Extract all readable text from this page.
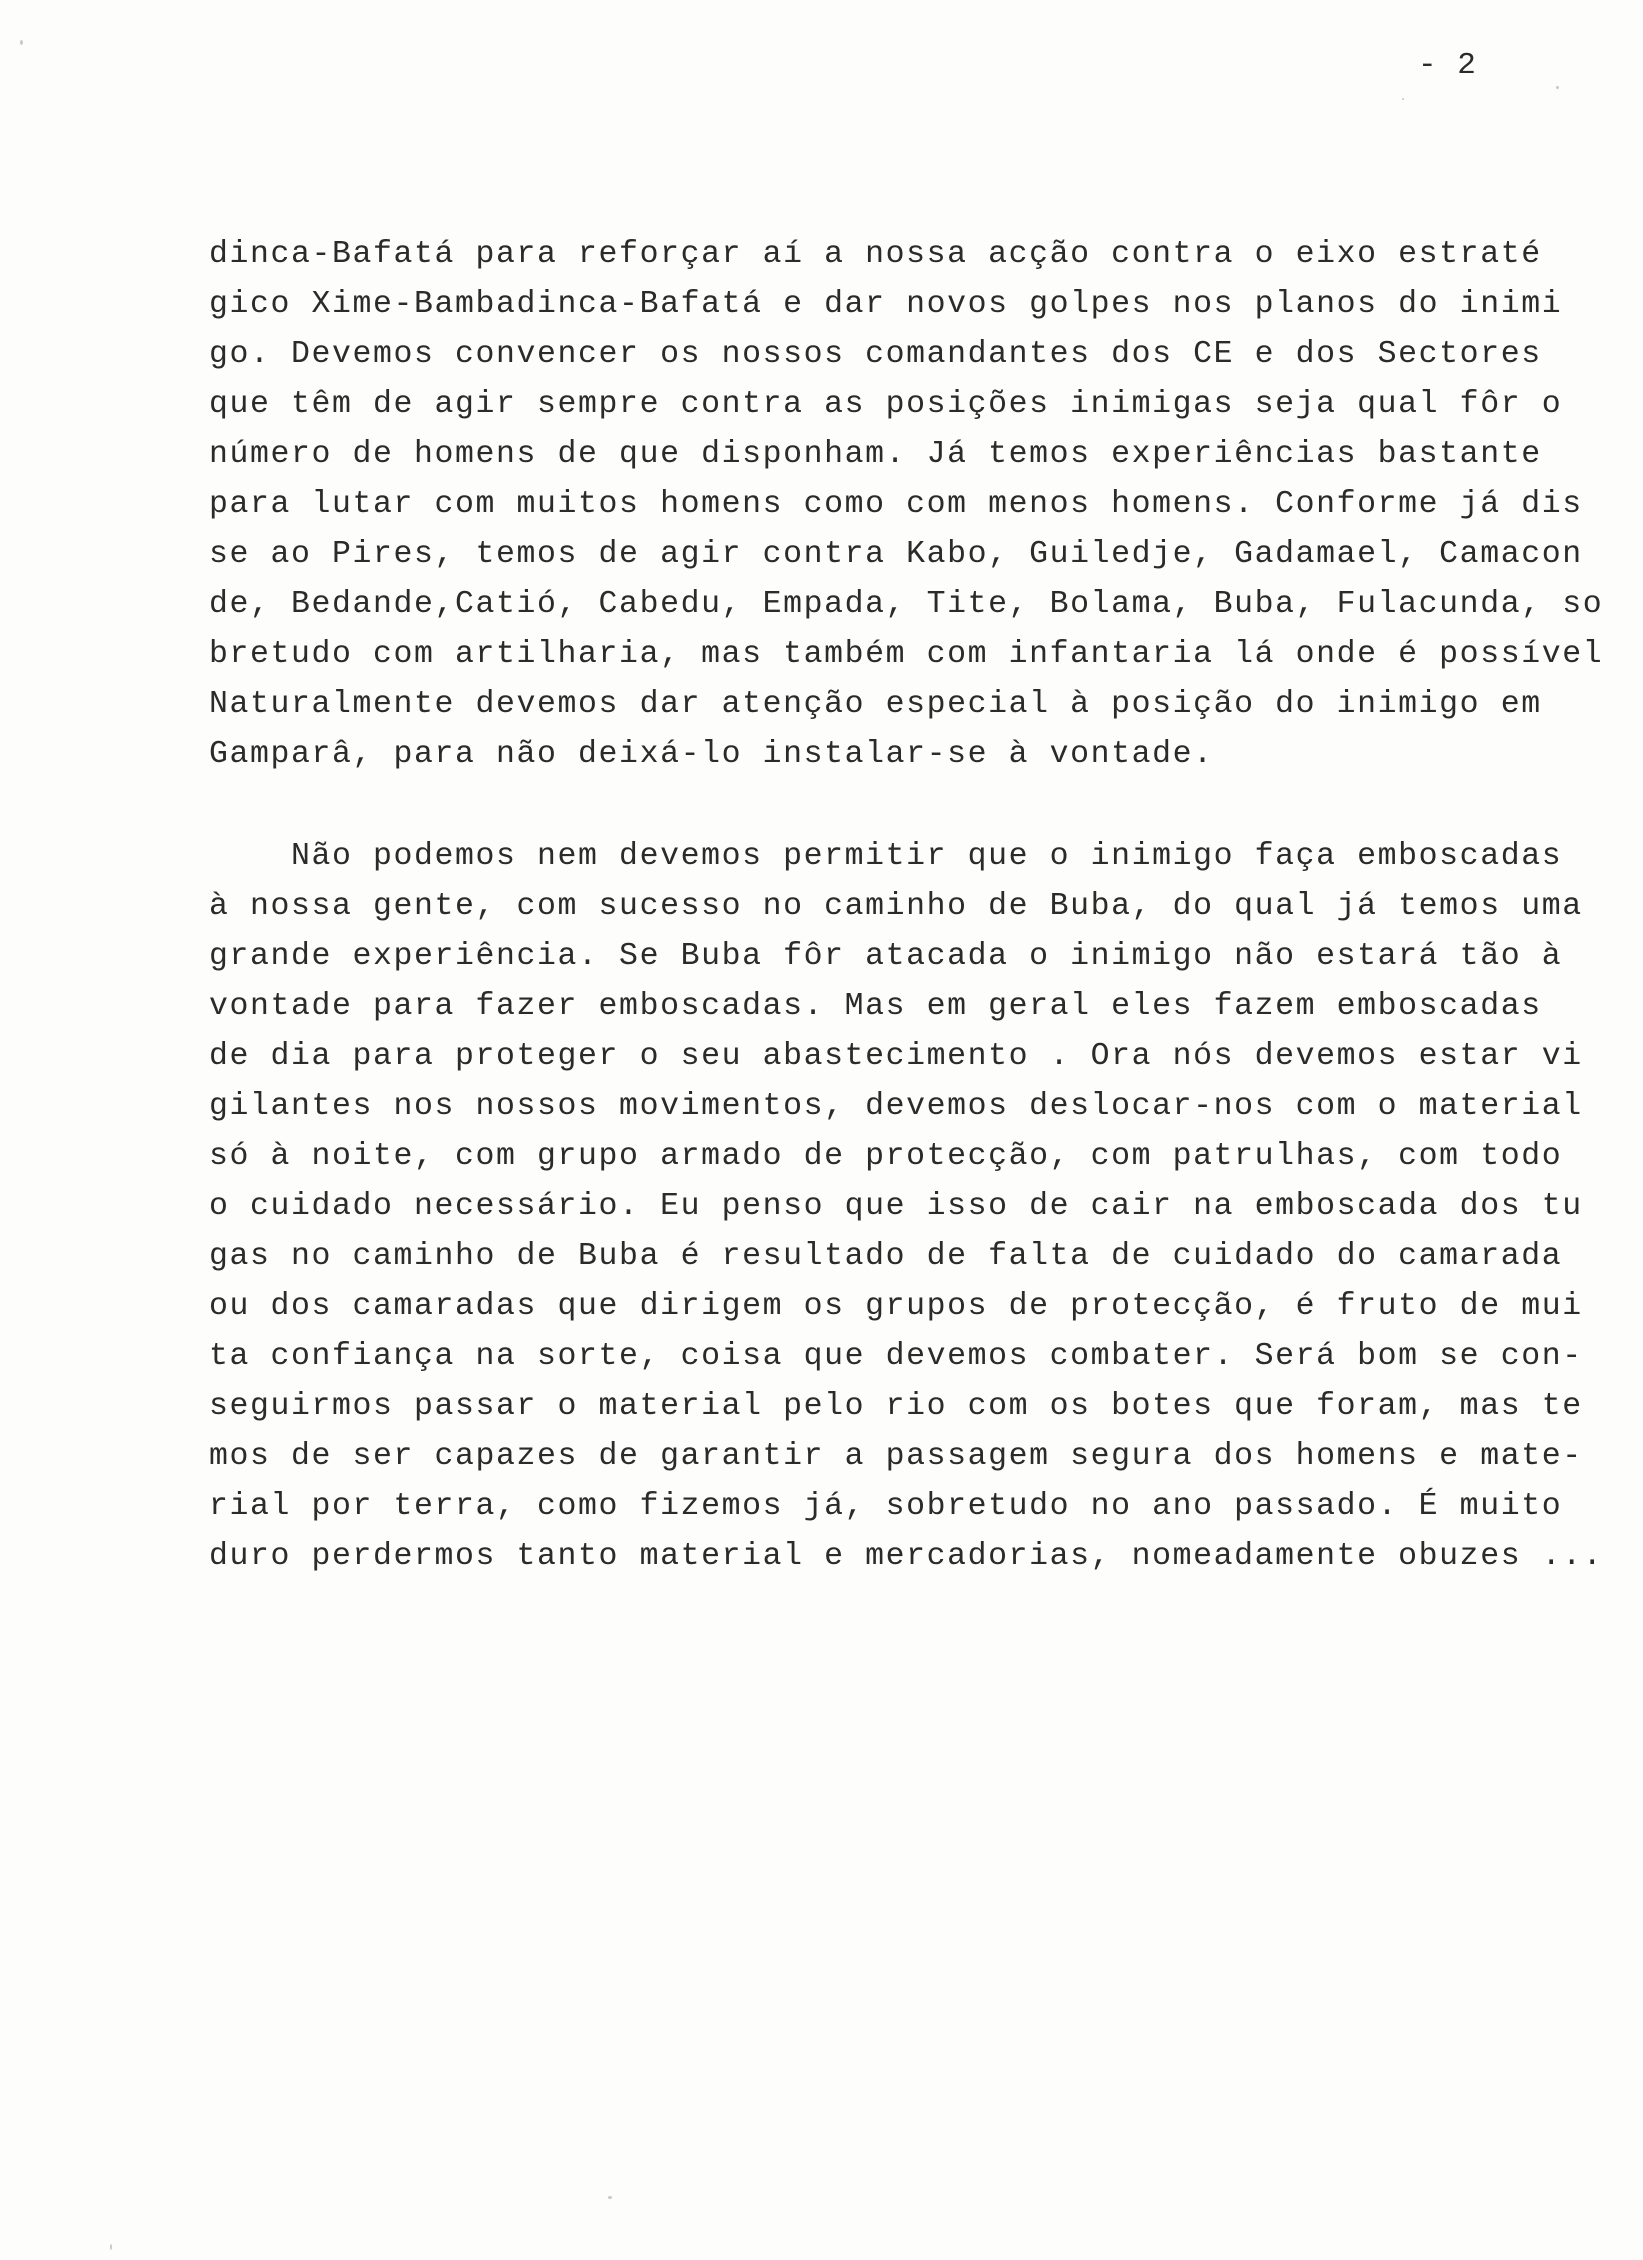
- 2
dinca-Bafatá para reforçar aí a nossa acção contra o eixo estraté
gico Xime-Bambadinca-Bafatá e dar novos golpes nos planos do inimi
go. Devemos convencer os nossos comandantes dos CE e dos Sectores
que têm de agir sempre contra as posições inimigas seja qual fôr o
número de homens de que disponham. Já temos experiências bastante
para lutar com muitos homens como com menos homens. Conforme já dis
se ao Pires, temos de agir contra Kabo, Guiledje, Gadamael, Camacon
de, Bedande,Catió, Cabedu, Empada, Tite, Bolama, Buba, Fulacunda, so
bretudo com artilharia, mas também com infantaria lá onde é possível
Naturalmente devemos dar atenção especial à posição do inimigo em
Gamparâ, para não deixá-lo instalar-se à vontade.
Não podemos nem devemos permitir que o inimigo faça emboscadas
à nossa gente, com sucesso no caminho de Buba, do qual já temos uma
grande experiência. Se Buba fôr atacada o inimigo não estará tão à
vontade para fazer emboscadas. Mas em geral eles fazem emboscadas
de dia para proteger o seu abastecimento . Ora nós devemos estar vi
gilantes nos nossos movimentos, devemos deslocar-nos com o material
só à noite, com grupo armado de protecção, com patrulhas, com todo
o cuidado necessário. Eu penso que isso de cair na emboscada dos tu
gas no caminho de Buba é resultado de falta de cuidado do camarada
ou dos camaradas que dirigem os grupos de protecção, é fruto de mui
ta confiança na sorte, coisa que devemos combater. Será bom se con-
seguirmos passar o material pelo rio com os botes que foram, mas te
mos de ser capazes de garantir a passagem segura dos homens e mate-
rial por terra, como fizemos já, sobretudo no ano passado. É muito
duro perdermos tanto material e mercadorias, nomeadamente obuzes ...
